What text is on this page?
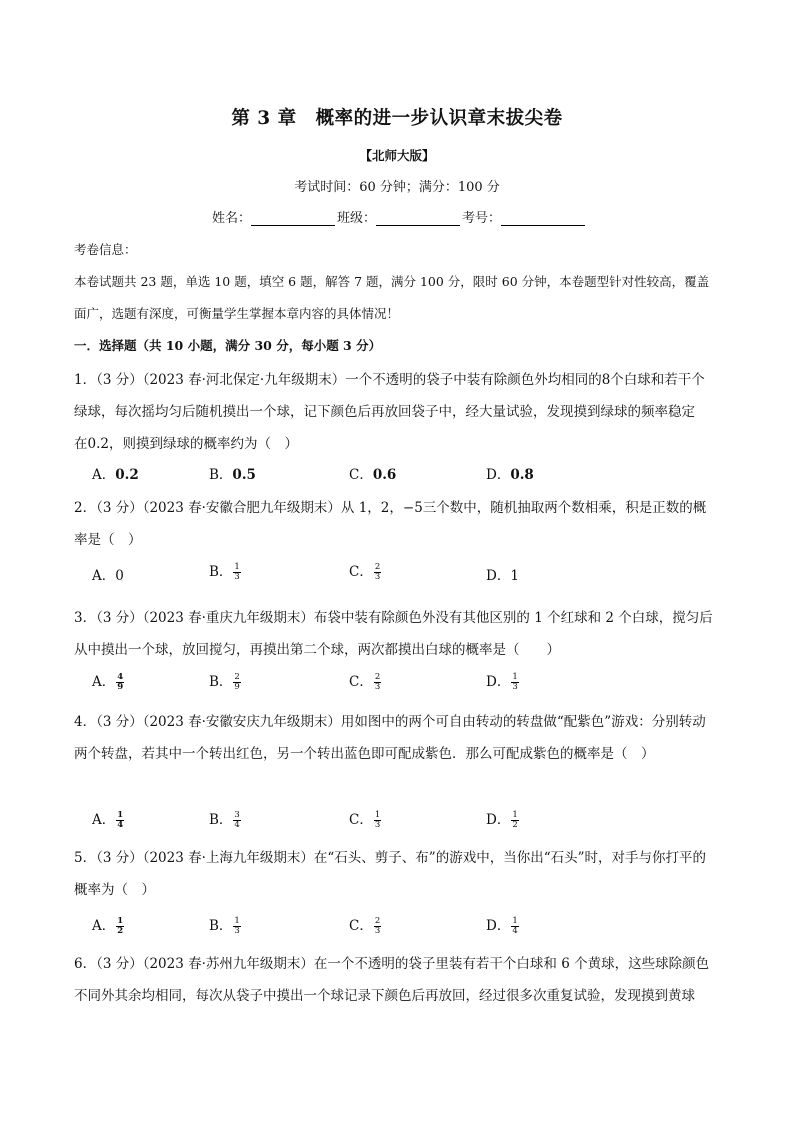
第 3 章　概率的进一步认识章末拔尖卷
【北师大版】
考试时间：60 分钟；满分：100 分
姓名：	班级：	考号：
考卷信息：
本卷试题共 23 题，单选 10 题，填空 6 题，解答 7 题，满分 100 分，限时 60 分钟，本卷题型针对性较高，覆盖
面广，选题有深度，可衡量学生掌握本章内容的具体情况！
一．选择题（共 10 小题，满分 30 分，每小题 3 分）
1．（3 分）（2023 春·河北保定·九年级期末）一个不透明的袋子中装有除颜色外均相同的8个白球和若干个
绿球，每次摇均匀后随机摸出一个球，记下颜色后再放回袋子中，经大量试验，发现摸到绿球的频率稳定
在0.2，则摸到绿球的概率约为（　）
A．0.2	B．0.5	C．0.6	D．0.8
2．（3 分）（2023 春·安徽合肥九年级期末）从 1，2，−5三个数中，随机抽取两个数相乘，积是正数的概
率是（　）
A．0	B． $\frac{1}{3}$	C． $\frac{2}{3}$	D．1
3．（3 分）（2023 春·重庆九年级期末）布袋中装有除颜色外没有其他区别的 1 个红球和 2 个白球，搅匀后
从中摸出一个球，放回搅匀，再摸出第二个球，两次都摸出白球的概率是（　　）
A． $\frac{4}{9}$	B． $\frac{2}{9}$	C． $\frac{2}{3}$	D． $\frac{1}{3}$
4．（3 分）（2023 春·安徽安庆九年级期末）用如图中的两个可自由转动的转盘做“配紫色”游戏：分别转动
两个转盘，若其中一个转出红色，另一个转出蓝色即可配成紫色．那么可配成紫色的概率是（　）
A． $\frac{1}{4}$	B． $\frac{3}{4}$	C． $\frac{1}{3}$	D． $\frac{1}{2}$
5．（3 分）（2023 春·上海九年级期末）在“石头、剪子、布”的游戏中，当你出“石头”时，对手与你打平的
概率为（　）
A． $\frac{1}{2}$	B． $\frac{1}{3}$	C． $\frac{2}{3}$	D． $\frac{1}{4}$
6．（3 分）（2023 春·苏州九年级期末）在一个不透明的袋子里装有若干个白球和 6 个黄球，这些球除颜色
不同外其余均相同，每次从袋子中摸出一个球记录下颜色后再放回，经过很多次重复试验，发现摸到黄球
